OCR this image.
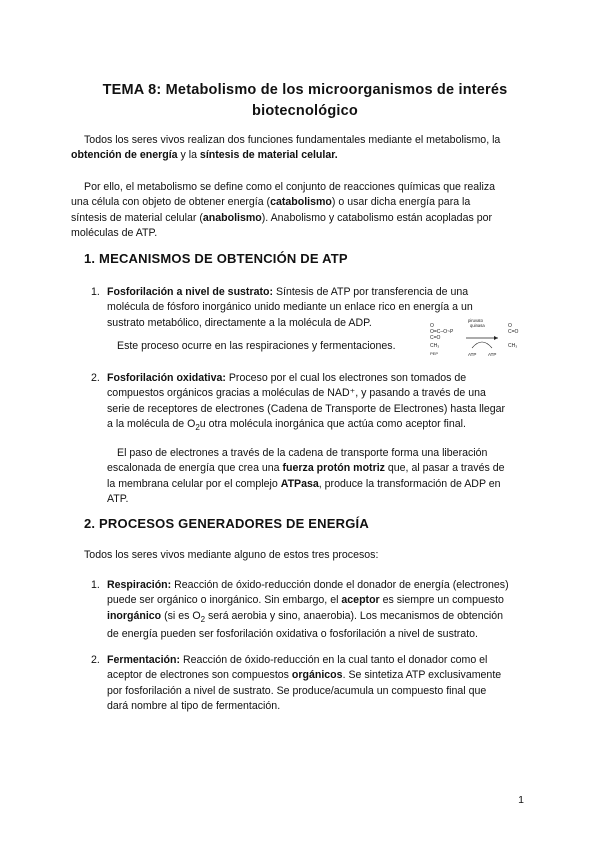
TEMA 8: Metabolismo de los microorganismos de interés
biotecnológico
Todos los seres vivos realizan dos funciones fundamentales mediante el metabolismo, la
obtención de energía y la síntesis de material celular.
Por ello, el metabolismo se define como el conjunto de reacciones químicas que realiza
una célula con objeto de obtener energía (catabolismo) o usar dicha energía para la
síntesis de material celular (anabolismo). Anabolismo y catabolismo están acopladas por
moléculas de ATP.
1. MECANISMOS DE OBTENCIÓN DE ATP
1. Fosforilación a nivel de sustrato: Síntesis de ATP por transferencia de una
molécula de fósforo inorgánico unido mediante un enlace rico en energía a un
sustrato metabólico, directamente a la molécula de ADP.
Este proceso ocurre en las respiraciones y fermentaciones.
O
O=C–O~P
C=O
CH₃
PEP
piruvato
quinasa
ATP	ATP
O
C=O
CH₃
2. Fosforilación oxidativa: Proceso por el cual los electrones son tomados de
compuestos orgánicos gracias a moléculas de NAD⁺, y pasando a través de una
serie de receptores de electrones (Cadena de Transporte de Electrones) hasta llegar
a la molécula de $O_2u$ otra molécula inorgánica que actúa como aceptor final.
El paso de electrones a través de la cadena de transporte forma una liberación
escalonada de energía que crea una fuerza protón motriz que, al pasar a través de
la membrana celular por el complejo ATPasa, produce la transformación de ADP en
ATP.
2. PROCESOS GENERADORES DE ENERGÍA
Todos los seres vivos mediante alguno de estos tres procesos:
1. Respiración: Reacción de óxido-reducción donde el donador de energía (electrones)
puede ser orgánico o inorgánico. Sin embargo, el aceptor es siempre un compuesto
inorgánico (si es $O_2$ será aerobia y sino, anaerobia). Los mecanismos de obtención
de energía pueden ser fosforilación oxidativa o fosforilación a nivel de sustrato.
2. Fermentación: Reacción de óxido-reducción en la cual tanto el donador como el
aceptor de electrones son compuestos orgánicos. Se sintetiza ATP exclusivamente
por fosforilación a nivel de sustrato. Se produce/acumula un compuesto final que
dará nombre al tipo de fermentación.
1
